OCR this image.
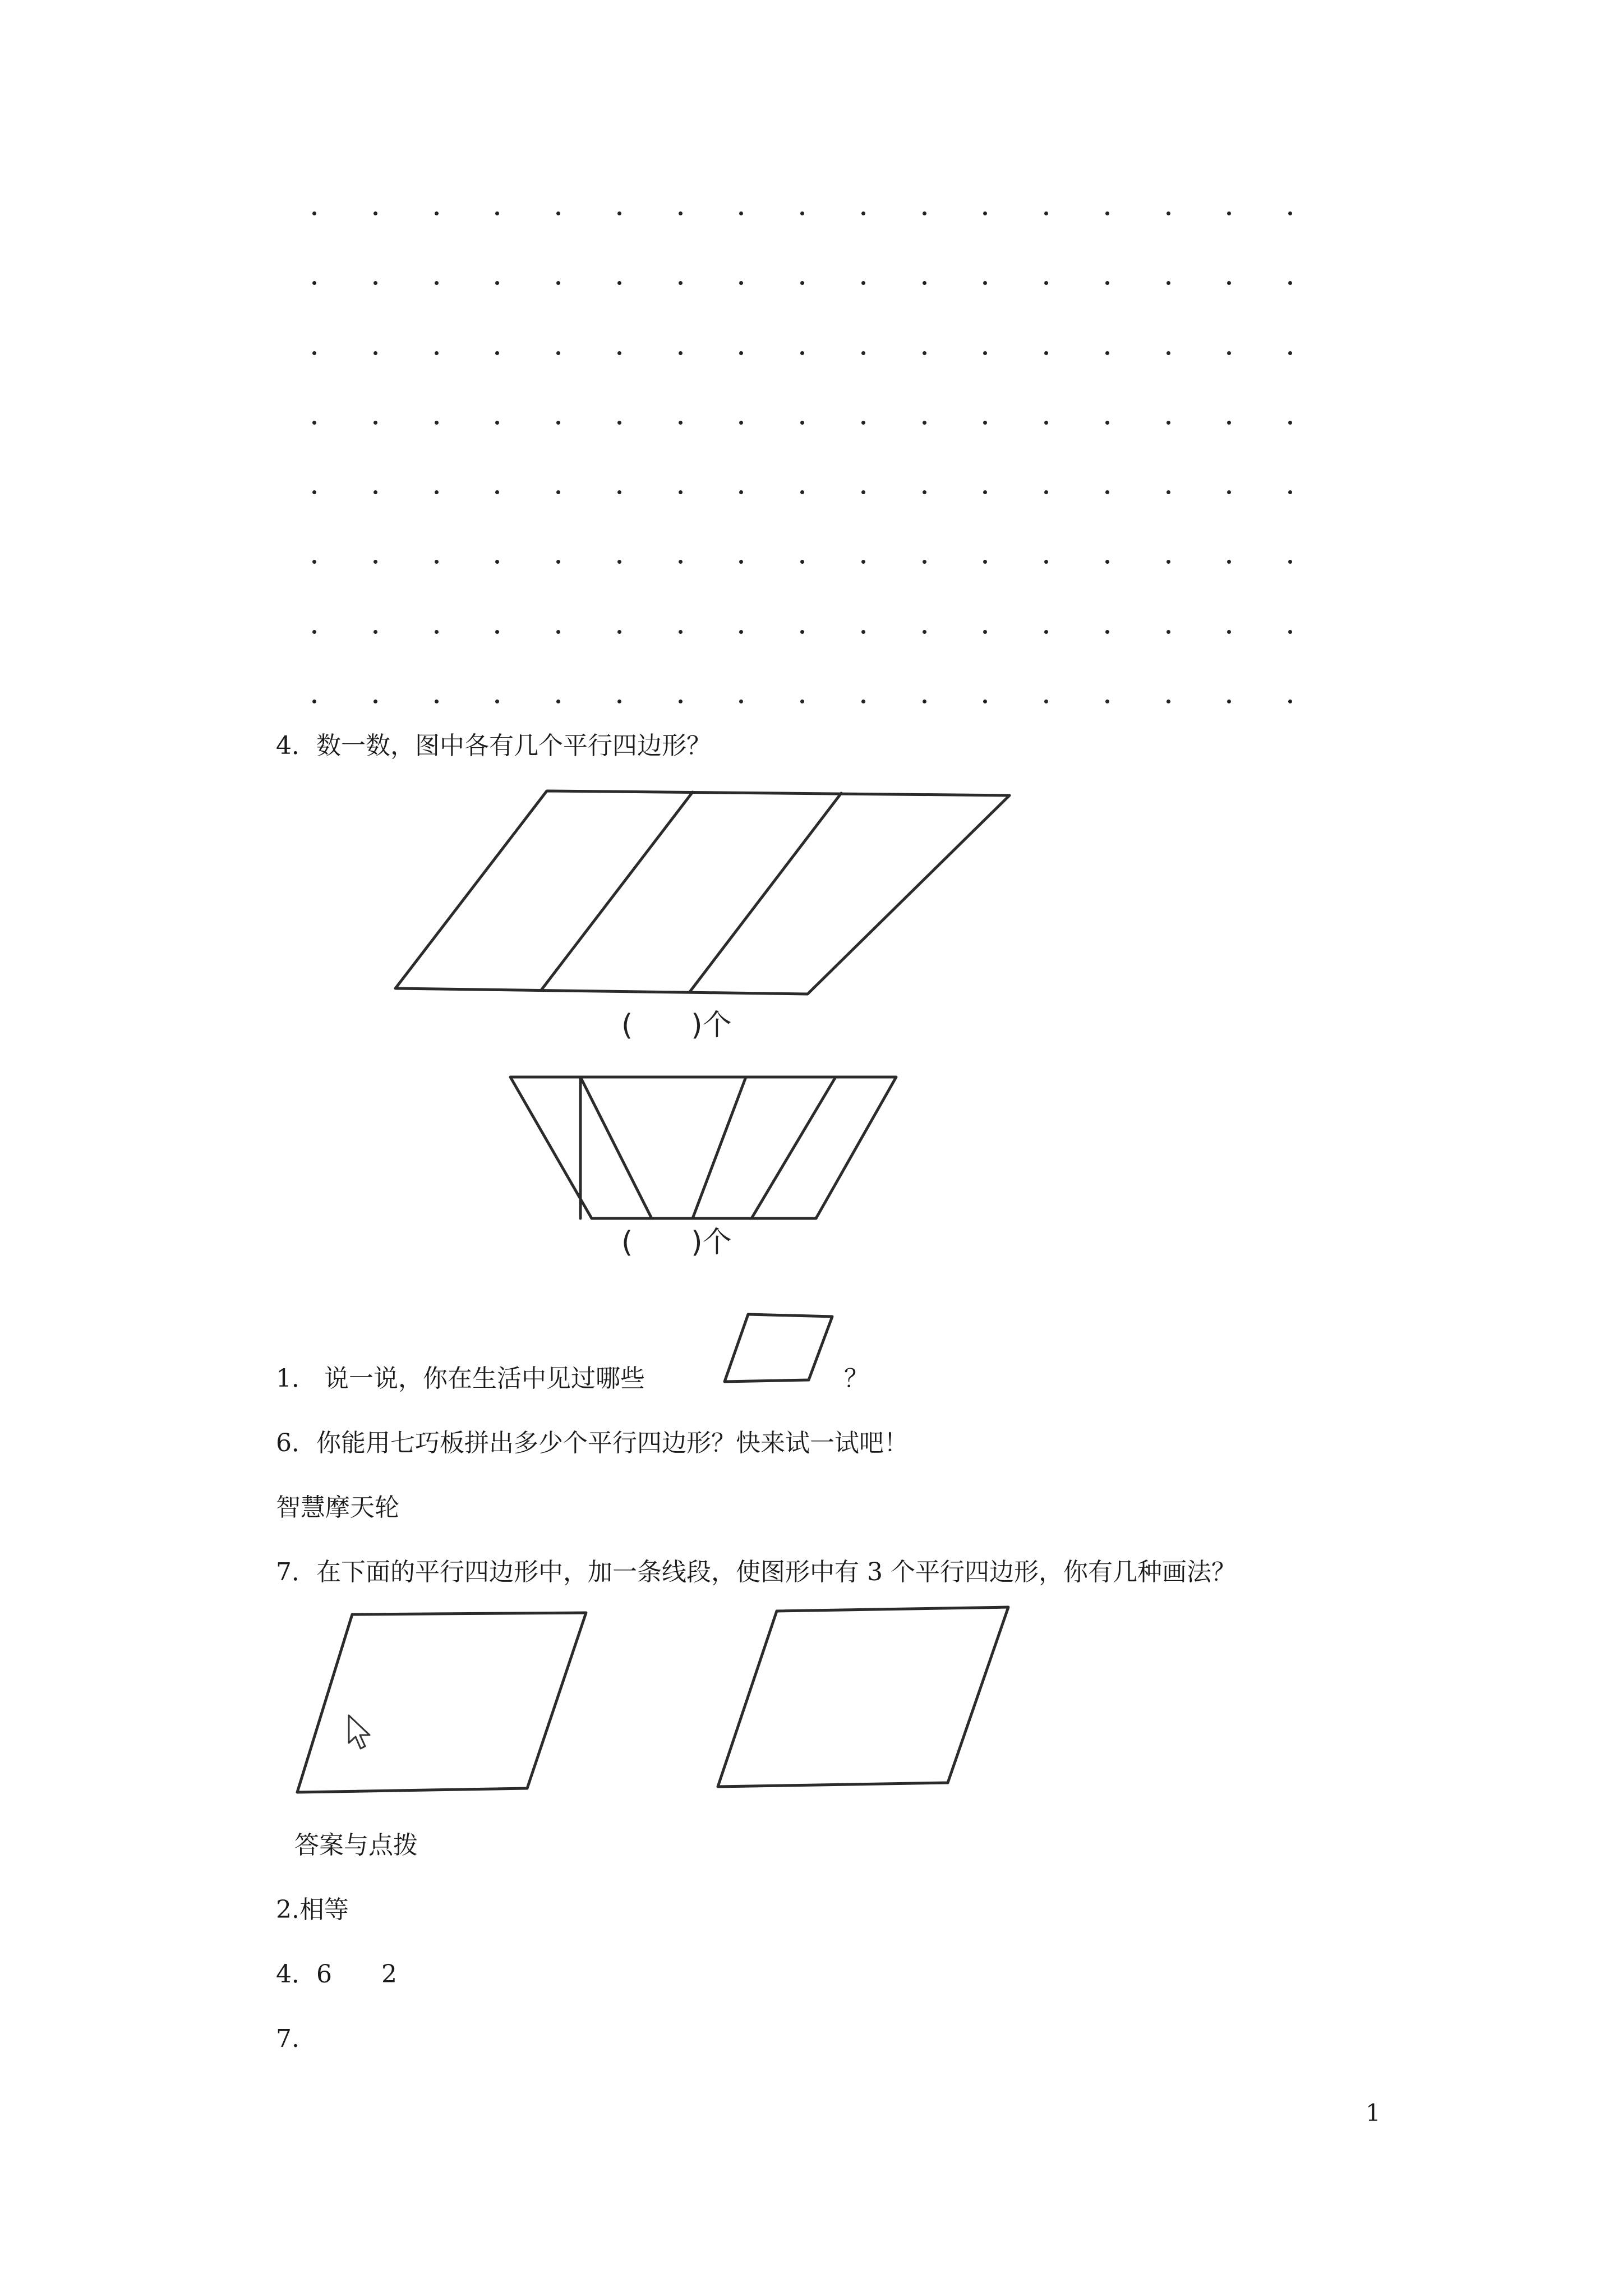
4．数一数，图中各有几个平行四边形？
(　　)个
(　　)个
1． 说一说，你在生活中见过哪些	？
6．你能用七巧板拼出多少个平行四边形？快来试一试吧！
智慧摩天轮
7．在下面的平行四边形中，加一条线段，使图形中有 3 个平行四边形，你有几种画法？
答案与点拨
2.相等
4．6　　2
7.
1
